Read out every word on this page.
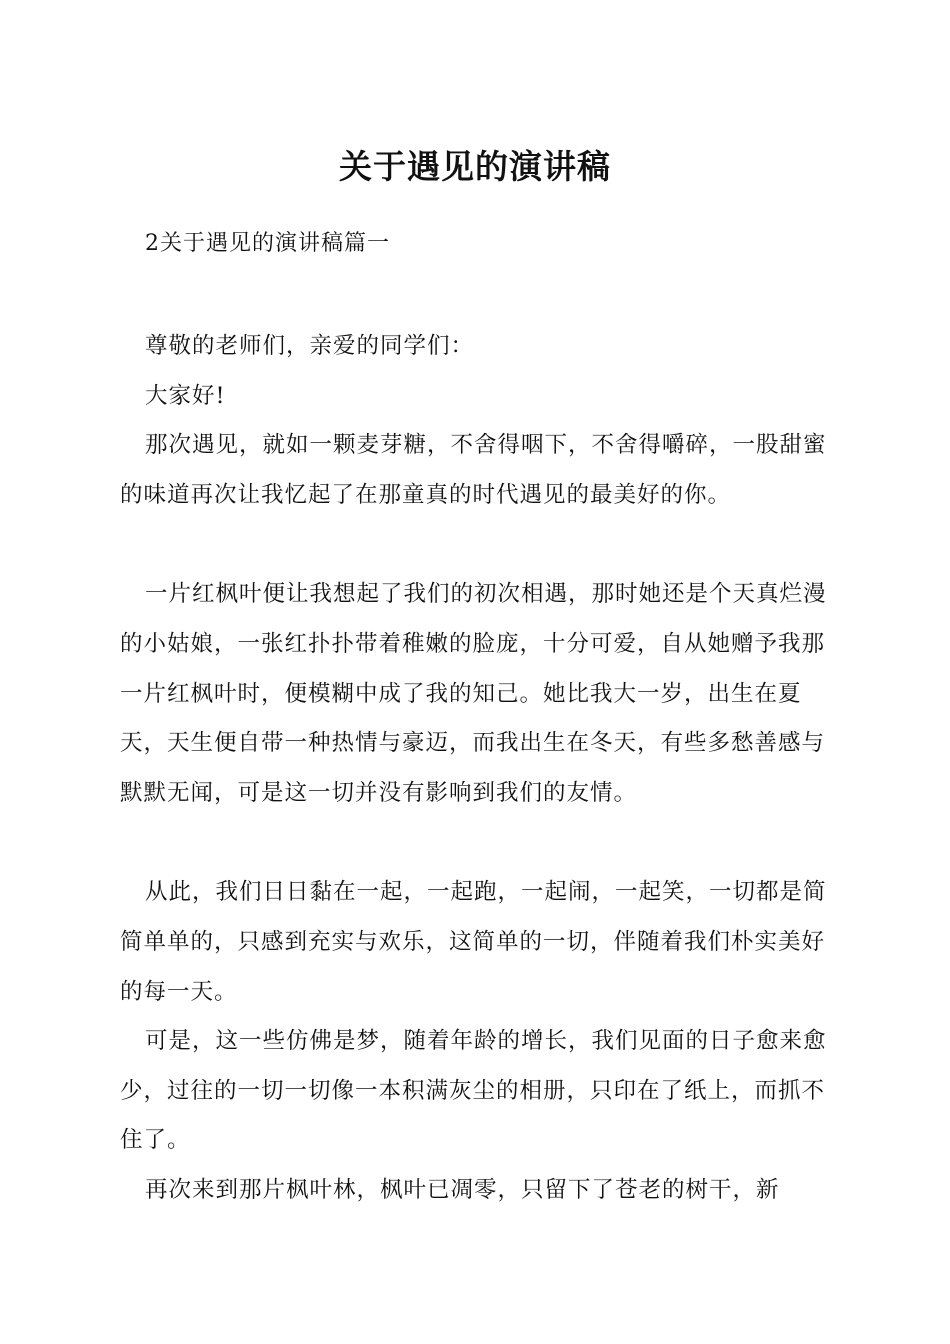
关于遇见的演讲稿

2关于遇见的演讲稿篇一

尊敬的老师们，亲爱的同学们：

大家好!

那次遇见，就如一颗麦芽糖，不舍得咽下，不舍得嚼碎，一股甜蜜的味道再次让我忆起了在那童真的时代遇见的最美好的你。

一片红枫叶便让我想起了我们的初次相遇，那时她还是个天真烂漫的小姑娘，一张红扑扑带着稚嫩的脸庞，十分可爱，自从她赠予我那一片红枫叶时，便模糊中成了我的知己。她比我大一岁，出生在夏天，天生便自带一种热情与豪迈，而我出生在冬天，有些多愁善感与默默无闻，可是这一切并没有影响到我们的友情。

从此，我们日日黏在一起，一起跑，一起闹，一起笑，一切都是简简单单的，只感到充实与欢乐，这简单的一切，伴随着我们朴实美好的每一天。

可是，这一些仿佛是梦，随着年龄的增长，我们见面的日子愈来愈少，过往的一切一切像一本积满灰尘的相册，只印在了纸上，而抓不住了。

再次来到那片枫叶林，枫叶已凋零，只留下了苍老的树干，新
